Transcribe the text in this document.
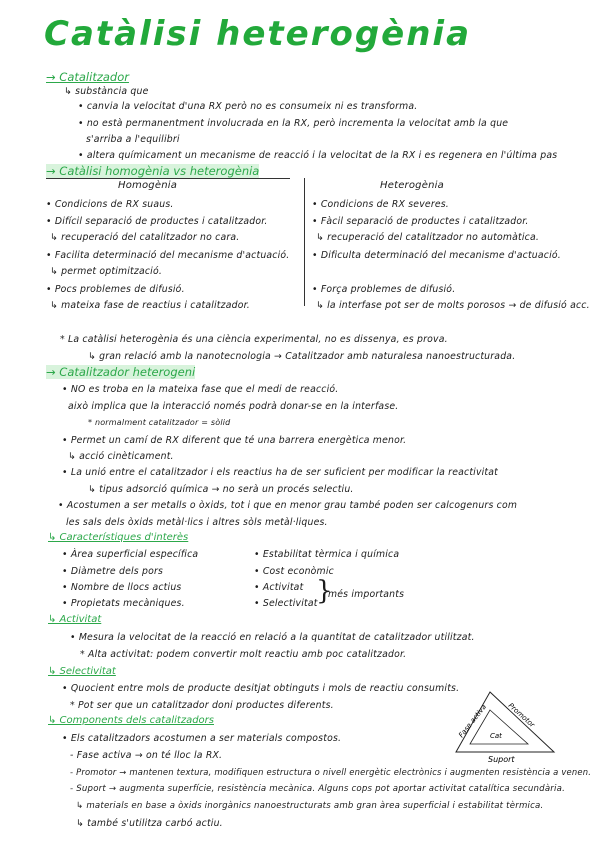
Catàlisi heterogènia
→ Catalitzador
↳ substància que
• canvia la velocitat d'una RX però no es consumeix ni es transforma.
• no està permanentment involucrada en la RX, però incrementa la velocitat amb la que
s'arriba a l'equilibri
• altera químicament un mecanisme de reacció i la velocitat de la RX i es regenera en l'última pas
→ Catàlisi homogènia vs heterogènia
Homogènia	Heterogènia
• Condicions de RX suaus.
• Difícil separació de productes i catalitzador.
↳ recuperació del catalitzador no cara.
• Facilita determinació del mecanisme d'actuació.
↳ permet optimització.
• Pocs problemes de difusió.
↳ mateixa fase de reactius i catalitzador.
• Condicions de RX severes.
• Fàcil separació de productes i catalitzador.
↳ recuperació del catalitzador no automàtica.
• Dificulta determinació del mecanisme d'actuació.
• Força problemes de difusió.
↳ la interfase pot ser de molts porosos → de difusió acc.
* La catàlisi heterogènia és una ciència experimental, no es dissenya, es prova.
↳ gran relació amb la nanotecnologia → Catalitzador amb naturalesa nanoestructurada.
→ Catalitzador heterogeni
• NO es troba en la mateixa fase que el medi de reacció.
això implica que la interacció només podrà donar-se en la interfase.
* normalment catalitzador = sòlid
• Permet un camí de RX diferent que té una barrera energètica menor.
↳ acció cinèticament.
• La unió entre el catalitzador i els reactius ha de ser suficient per modificar la reactivitat
↳ tipus adsorció química → no serà un procés selectiu.
• Acostumen a ser metalls o òxids, tot i que en menor grau també poden ser calcogenurs com
les sals dels òxids metàl·lics i altres sòls metàl·liques.
↳ Característiques d'interès
• Àrea superficial específica
• Diàmetre dels pors
• Nombre de llocs actius
• Propietats mecàniques.
• Estabilitat tèrmica i química
• Cost econòmic
• Activitat
• Selectivitat
}
més importants
↳ Activitat
• Mesura la velocitat de la reacció en relació a la quantitat de catalitzador utilitzat.
* Alta activitat: podem convertir molt reactiu amb poc catalitzador.
↳ Selectivitat
• Quocient entre mols de producte desitjat obtinguts i mols de reactiu consumits.
* Pot ser que un catalitzador doni productes diferents.
↳ Components dels catalitzadors
• Els catalitzadors acostumen a ser materials compostos.
- Fase activa → on té lloc la RX.
- Promotor → mantenen textura, modifiquen estructura o nivell energètic electrònics i augmenten resistència a venen.
- Suport → augmenta superfície, resistència mecànica. Alguns cops pot aportar activitat catalítica secundària.
↳ materials en base a òxids inorgànics nanoestructurats amb gran àrea superficial i estabilitat tèrmica.
↳ també s'utilitza carbó actiu.
Fase activa	Promotor
Suport
Cat
